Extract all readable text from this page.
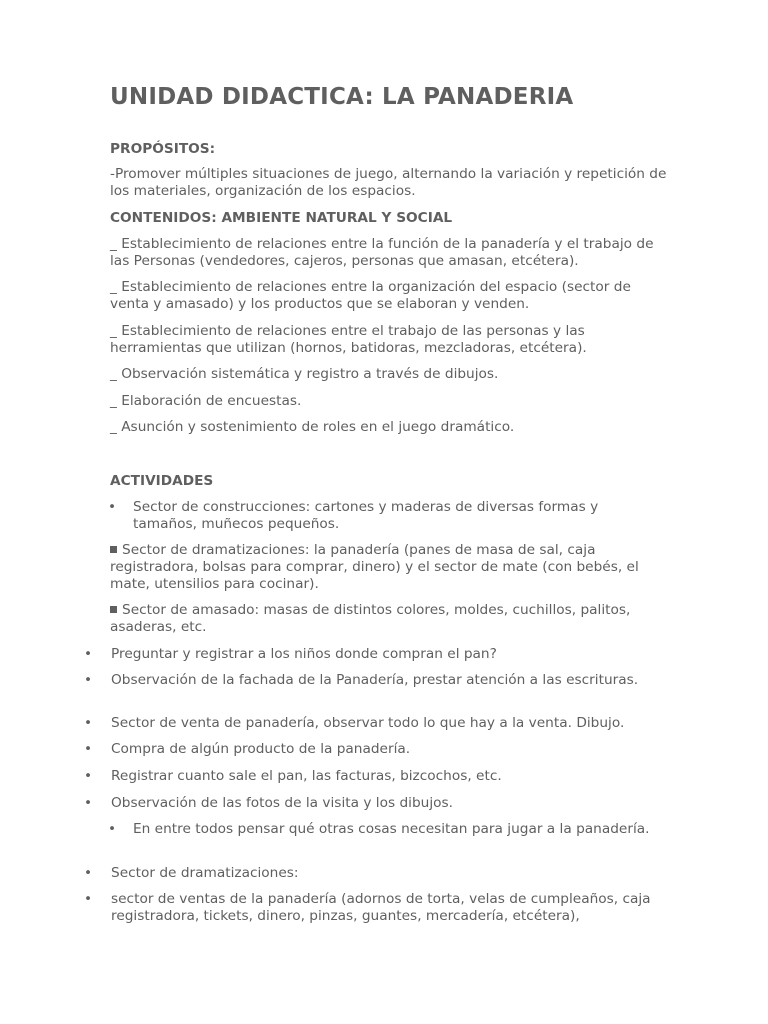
UNIDAD DIDACTICA: LA PANADERIA
PROPÓSITOS:
-Promover múltiples situaciones de juego, alternando la variación y repetición de los materiales, organización de los espacios.
CONTENIDOS: AMBIENTE NATURAL Y SOCIAL
_ Establecimiento de relaciones entre la función de la panadería y el trabajo de las Personas (vendedores, cajeros, personas que amasan, etcétera).
_ Establecimiento de relaciones entre la organización del espacio (sector de venta y amasado) y los productos que se elaboran y venden.
_ Establecimiento de relaciones entre el trabajo de las personas y las herramientas que utilizan (hornos, batidoras, mezcladoras, etcétera).
_ Observación sistemática y registro a través de dibujos.
_ Elaboración de encuestas.
_ Asunción y sostenimiento de roles en el juego dramático.
ACTIVIDADES
• Sector de construcciones: cartones y maderas de diversas formas y tamaños, muñecos pequeños.
Sector de dramatizaciones: la panadería (panes de masa de sal, caja registradora, bolsas para comprar, dinero) y el sector de mate (con bebés, el mate, utensilios para cocinar).
Sector de amasado: masas de distintos colores, moldes, cuchillos, palitos, asaderas, etc.
• Preguntar y registrar a los niños donde compran el pan?
• Observación de la fachada de la Panadería, prestar atención a las escrituras.
• Sector de venta de panadería, observar todo lo que hay a la venta. Dibujo.
• Compra de algún producto de la panadería.
• Registrar cuanto sale el pan, las facturas, bizcochos, etc.
• Observación de las fotos de la visita y los dibujos.
• En entre todos pensar qué otras cosas necesitan para jugar a la panadería.
• Sector de dramatizaciones:
• sector de ventas de la panadería (adornos de torta, velas de cumpleaños, caja registradora, tickets, dinero, pinzas, guantes, mercadería, etcétera),
